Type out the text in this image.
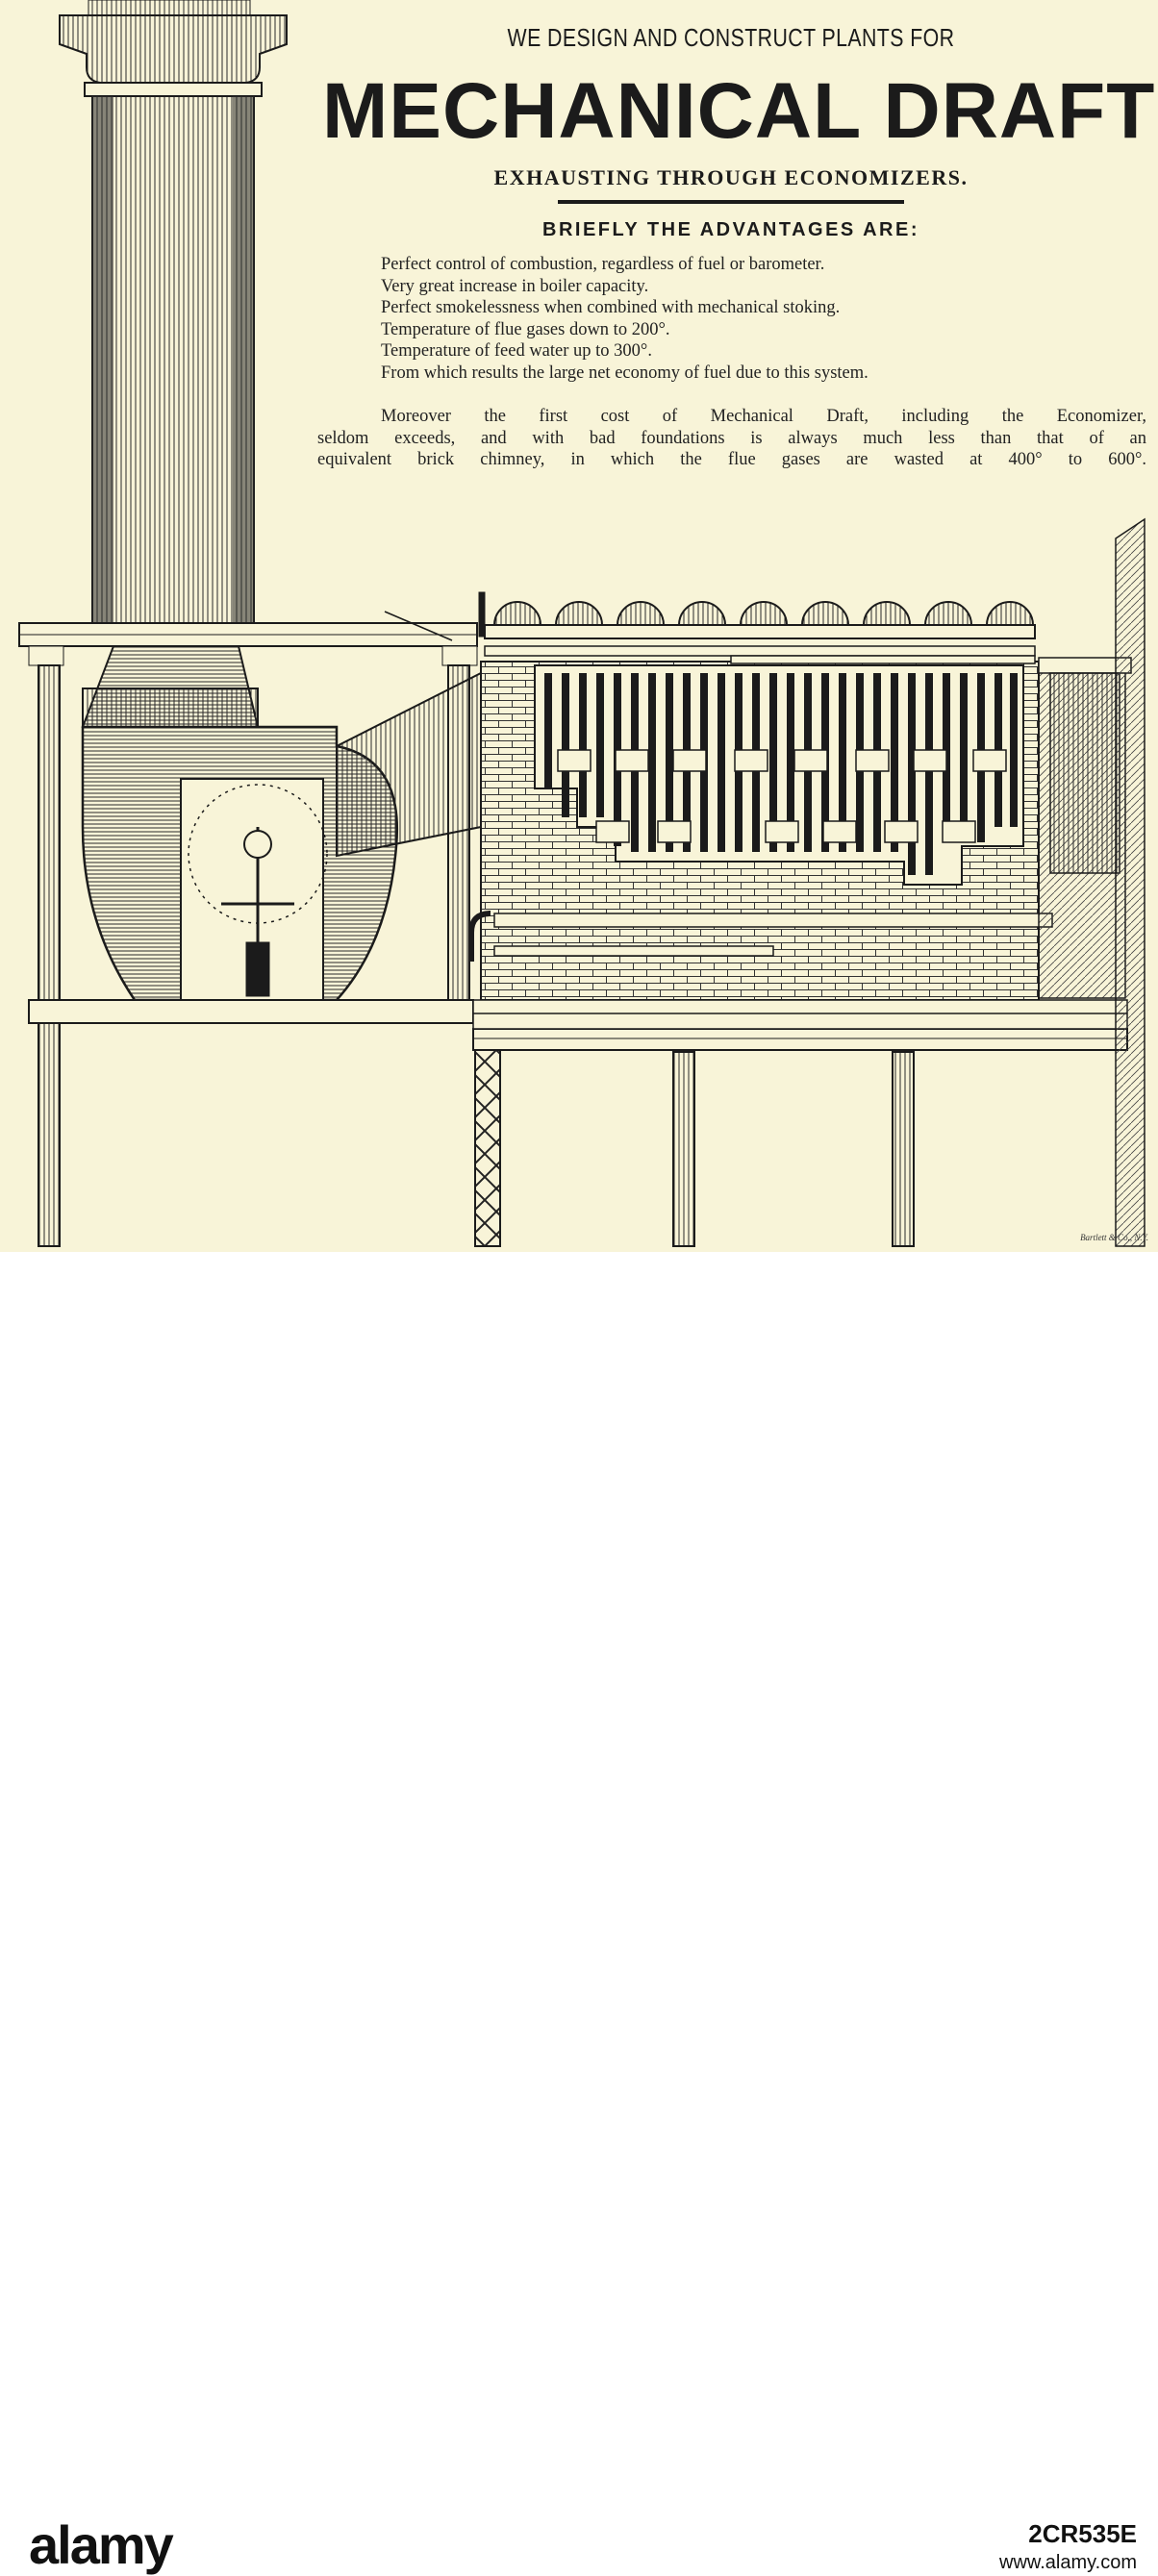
WE DESIGN AND CONSTRUCT PLANTS FOR
MECHANICAL DRAFT
EXHAUSTING THROUGH ECONOMIZERS.
BRIEFLY THE ADVANTAGES ARE:
Perfect control of combustion, regardless of fuel or barometer.
Very great increase in boiler capacity.
Perfect smokelessness when combined with mechanical stoking.
Temperature of flue gases down to 200°.
Temperature of feed water up to 300°.
From which results the large net economy of fuel due to this system.
Moreover the first cost of Mechanical Draft, including the Economizer,
seldom exceeds, and with bad foundations is always much less than that of an
equivalent brick chimney, in which the flue gases are wasted at 400° to 600°.
Bartlett & Co., N.Y.
alamy	2CR535E
www.alamy.com
